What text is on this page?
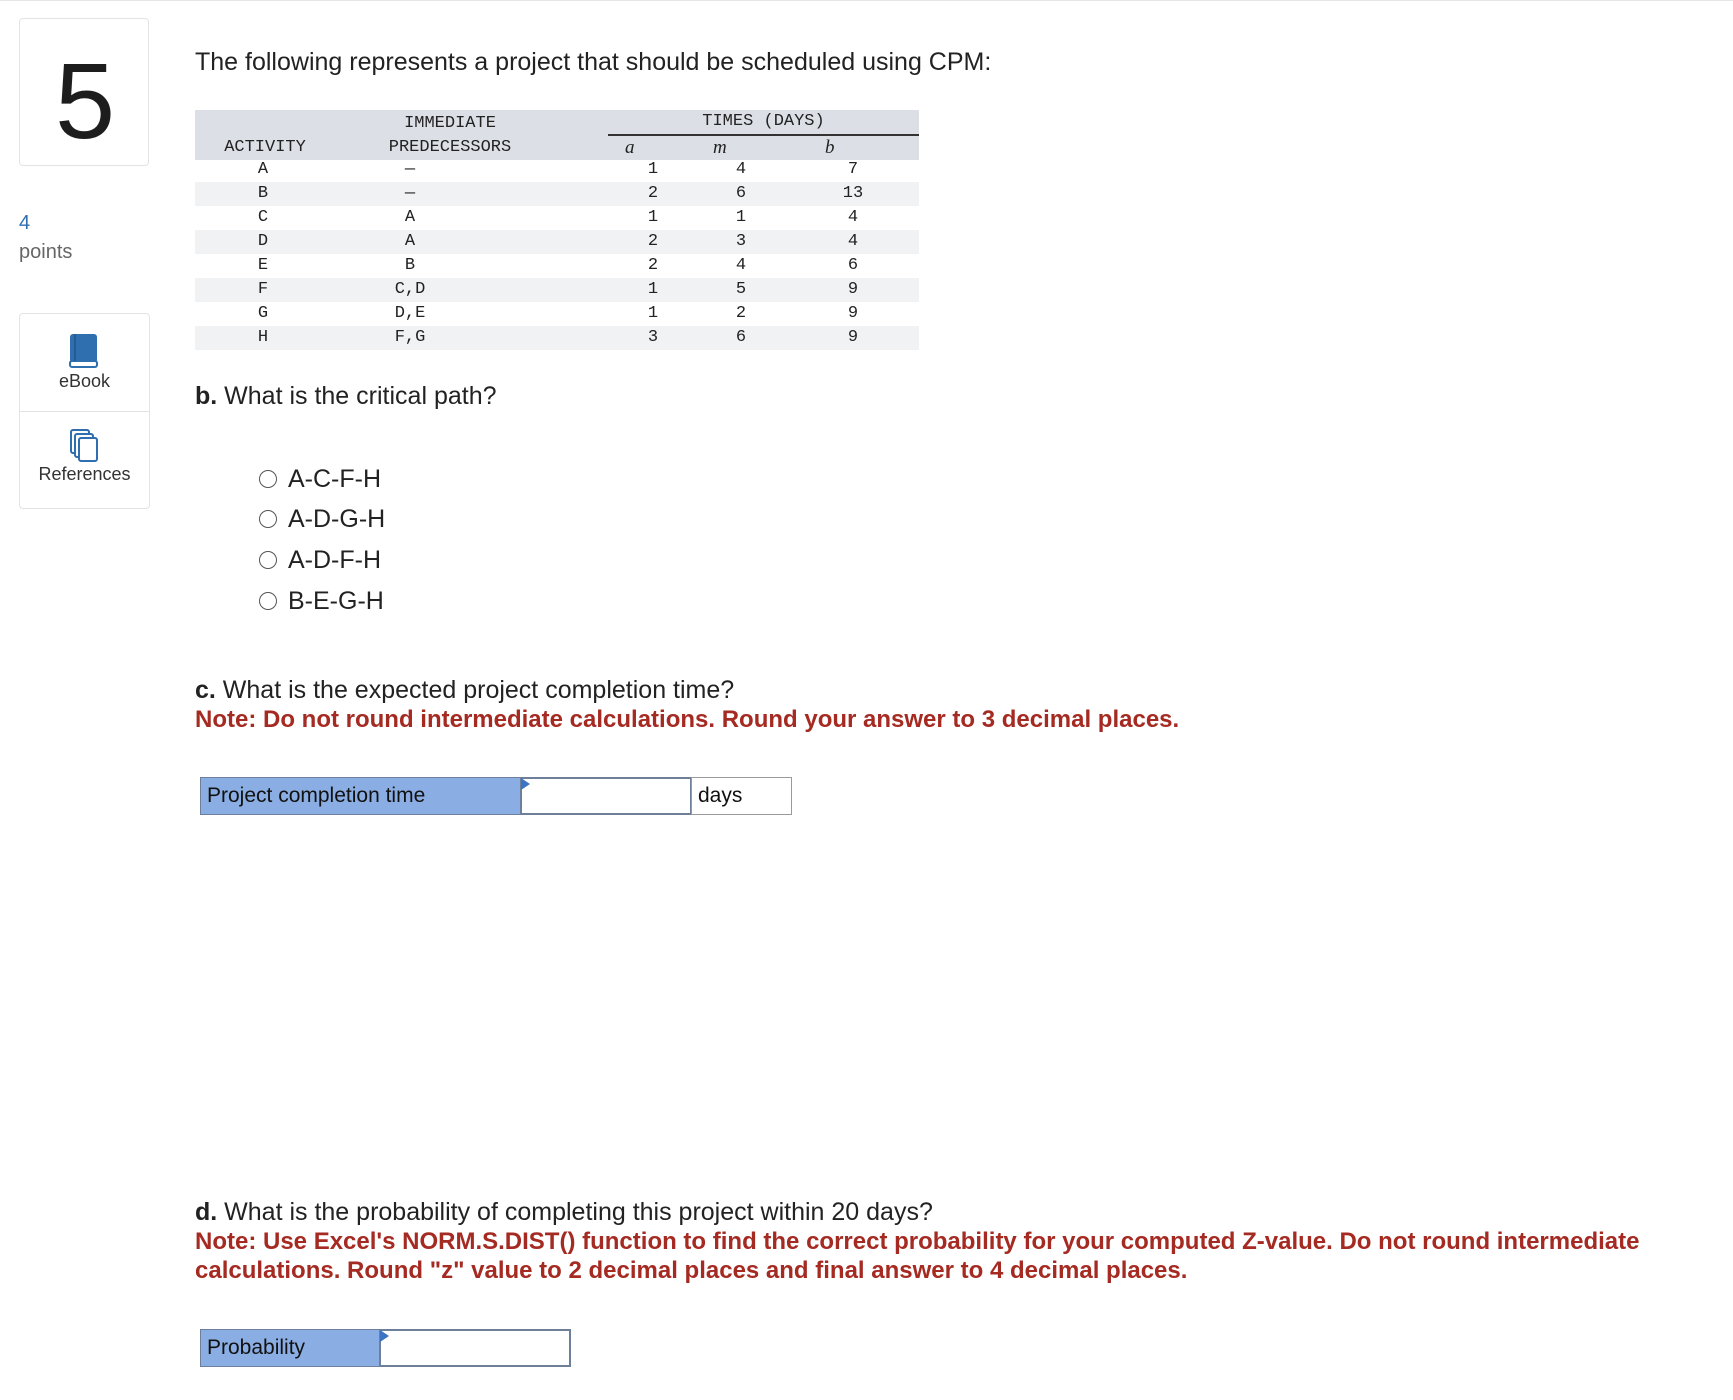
5
4
points
eBook
References
The following represents a project that should be scheduled using CPM:
ACTIVITY
IMMEDIATE
PREDECESSORS
TIMES (DAYS)
a	m	b
A	—	1	4	7
B	—	2	6	13
C	A	1	1	4
D	A	2	3	4
E	B	2	4	6
F	C,D	1	5	9
G	D,E	1	2	9
H	F,G	3	6	9
b. What is the critical path?
A-C-F-H
A-D-G-H
A-D-F-H
B-E-G-H
c. What is the expected project completion time?
Note: Do not round intermediate calculations. Round your answer to 3 decimal places.
Project completion time	days
d. What is the probability of completing this project within 20 days?
Note: Use Excel's NORM.S.DIST() function to find the correct probability for your computed Z-value. Do not round intermediate
calculations. Round "z" value to 2 decimal places and final answer to 4 decimal places.
Probability
